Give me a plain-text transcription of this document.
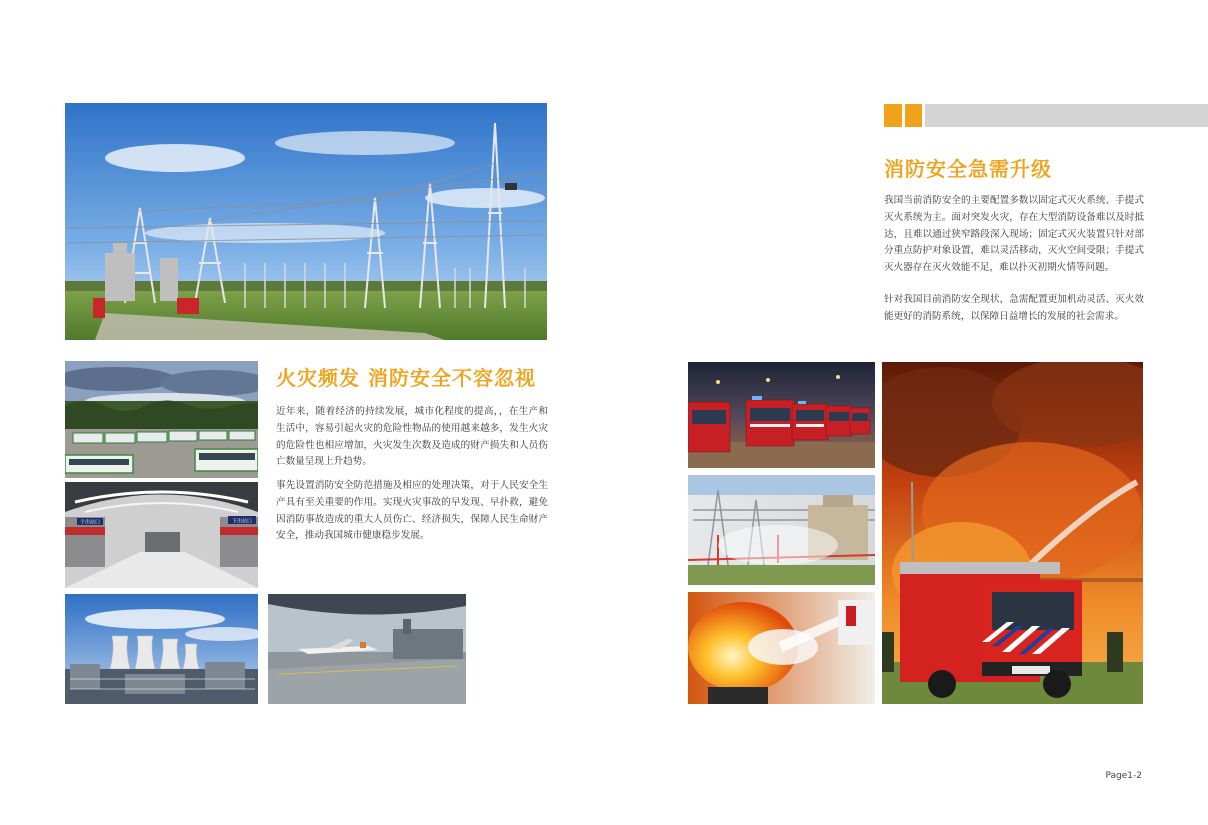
下出站口
个出站口
火灾频发 消防安全不容忽视

近年来，随着经济的持续发展，城市化程度的提高，，在生产和生活中，容易引起火灾的危险性物品的使用越来越多，发生火灾的危险性也相应增加，火灾发生次数及造成的财产损失和人员伤亡数量呈现上升趋势。

事先设置消防安全防范措施及相应的处理决策，对于人民安全生产具有至关重要的作用。实现火灾事故的早发现、早扑救，避免因消防事故造成的重大人员伤亡、经济损失，保障人民生命财产安全，推动我国城市健康稳步发展。

消防安全急需升级

我国当前消防安全的主要配置多数以固定式灭火系统、手提式灭火系统为主。面对突发火灾，存在大型消防设备难以及时抵达，且难以通过狭窄路段深入现场；固定式灭火装置只针对部分重点防护对象设置，难以灵活移动，灭火空间受限；手提式灭火器存在灭火效能不足，难以扑灭初期火情等问题。

针对我国目前消防安全现状，急需配置更加机动灵活、灭火效能更好的消防系统，以保障日益增长的发展的社会需求。

Page1-2
